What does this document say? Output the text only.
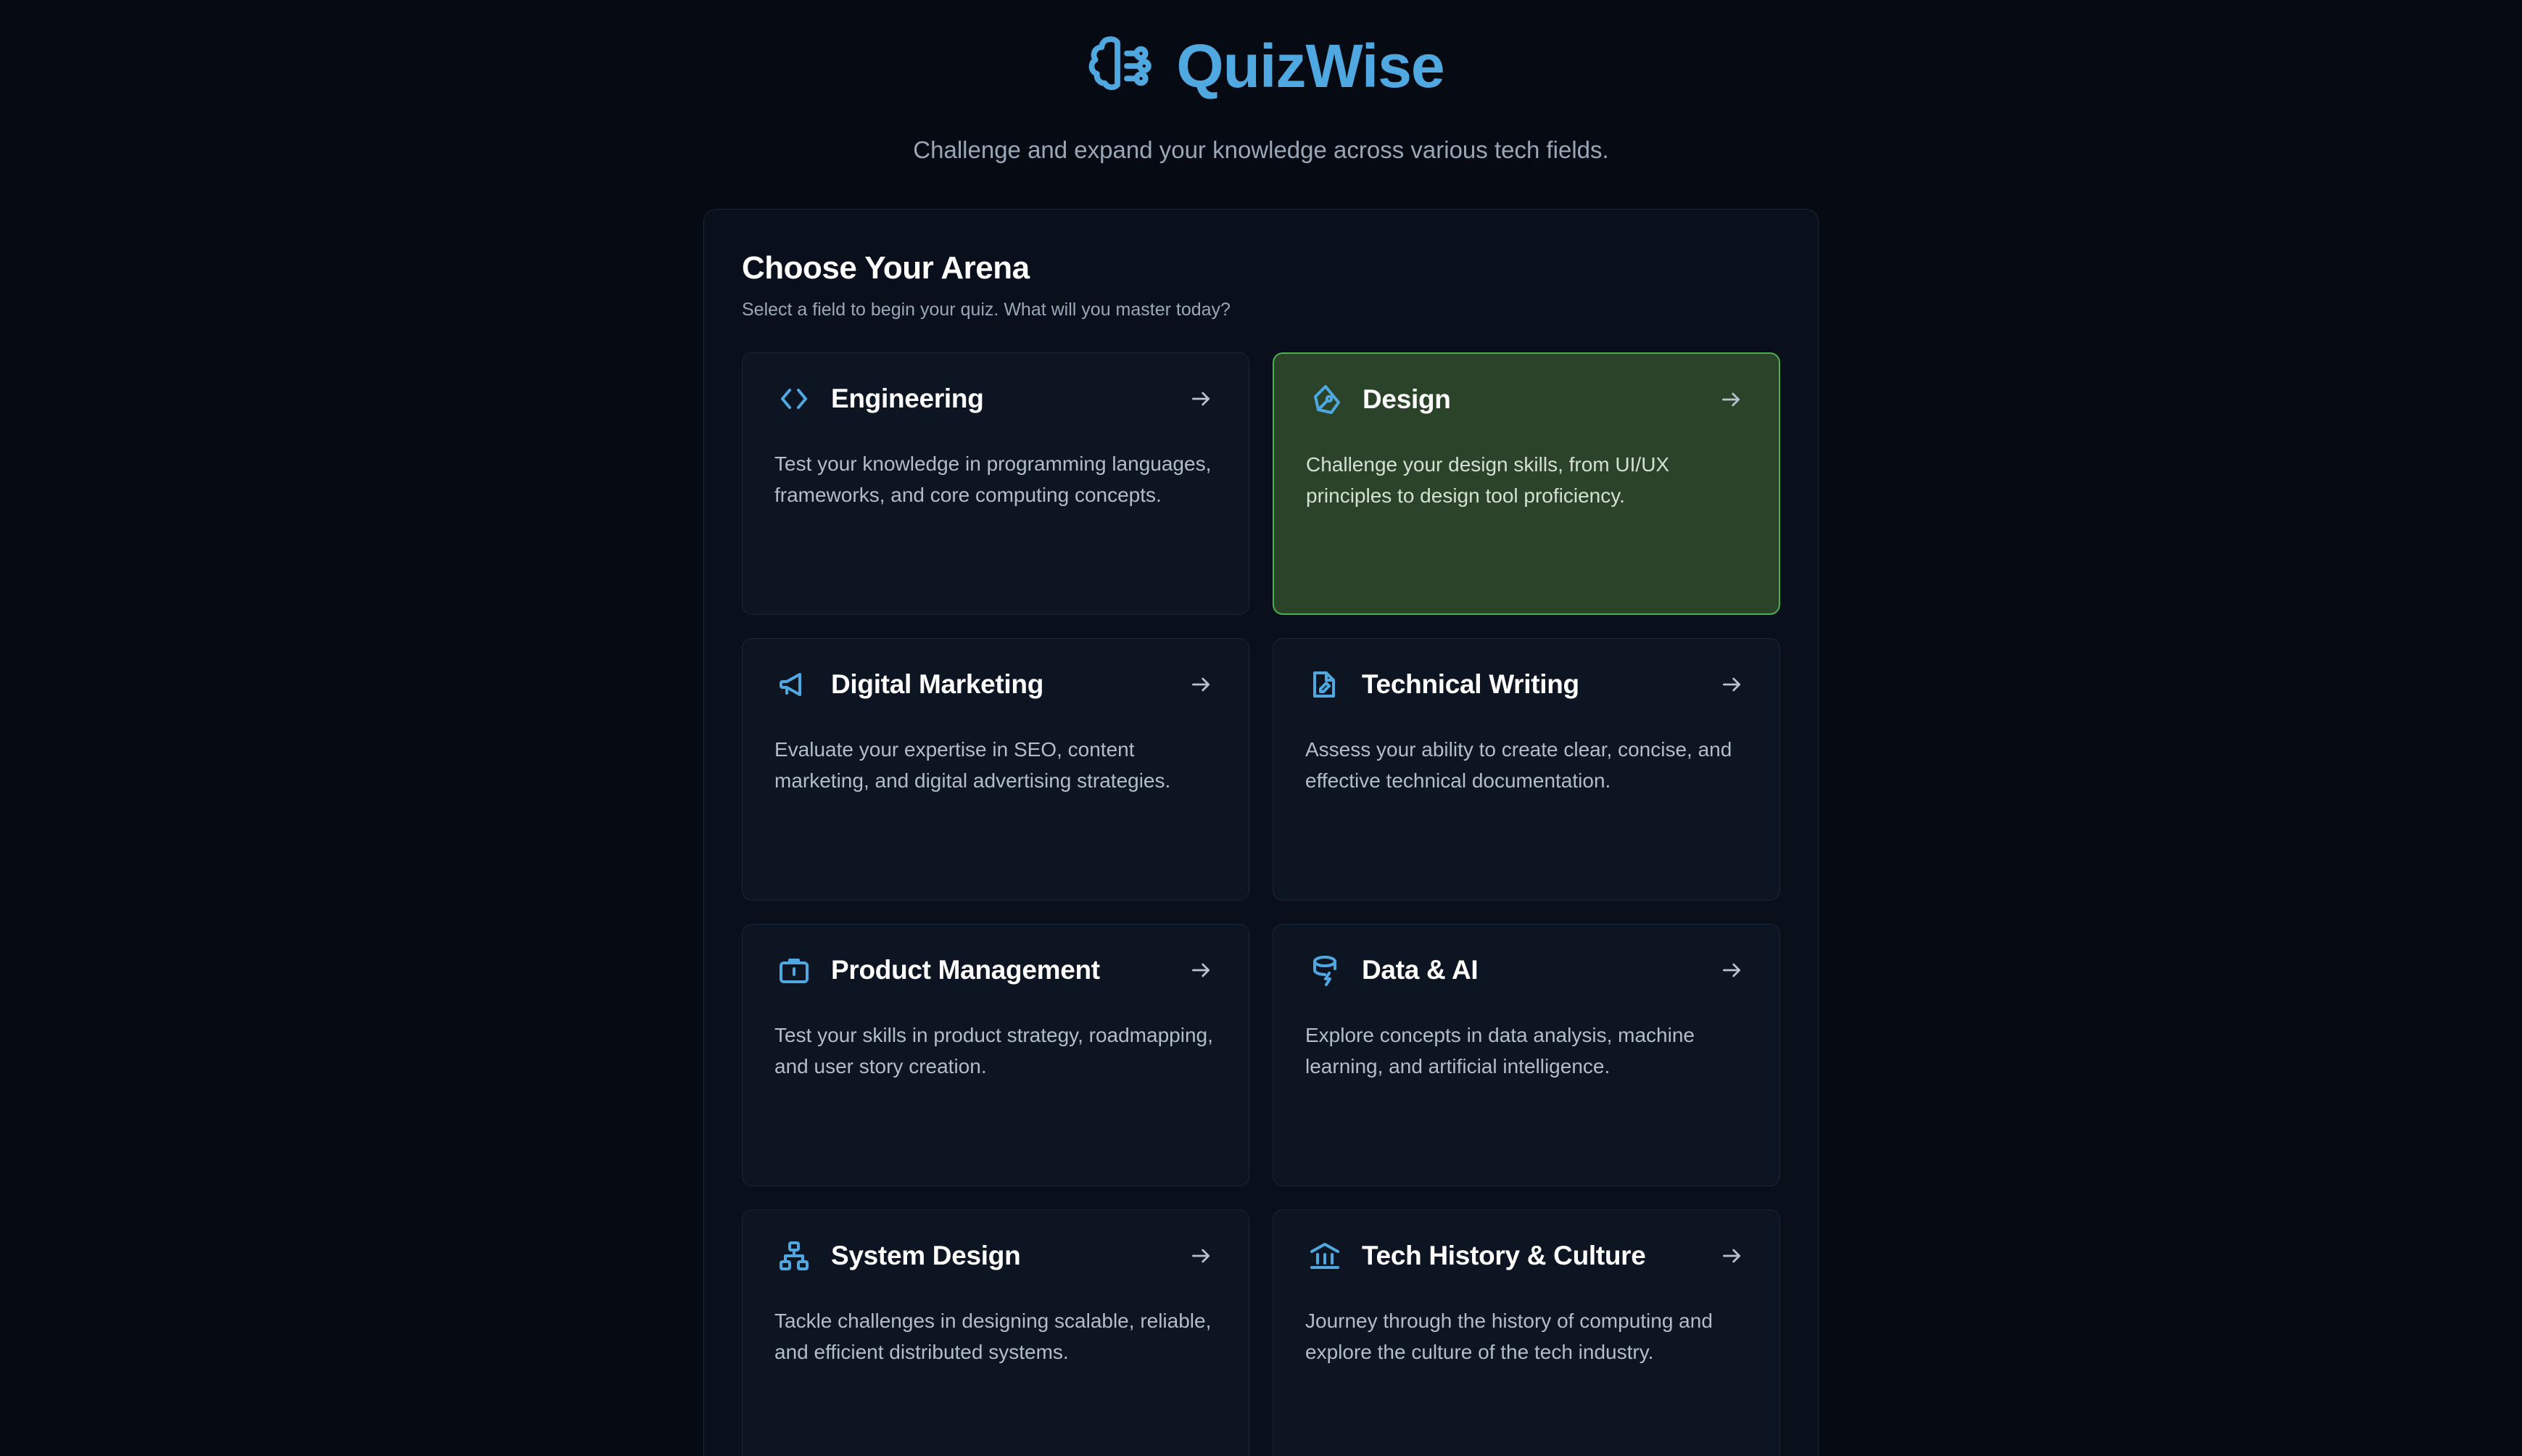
QuizWise
Challenge and expand your knowledge across various tech fields.
Choose Your Arena
Select a field to begin your quiz. What will you master today?
Engineering
Test your knowledge in programming languages, frameworks, and core computing concepts.
Design
Challenge your design skills, from UI/UX principles to design tool proficiency.
Digital Marketing
Evaluate your expertise in SEO, content marketing, and digital advertising strategies.
Technical Writing
Assess your ability to create clear, concise, and effective technical documentation.
Product Management
Test your skills in product strategy, roadmapping, and user story creation.
Data & AI
Explore concepts in data analysis, machine learning, and artificial intelligence.
System Design
Tackle challenges in designing scalable, reliable, and efficient distributed systems.
Tech History & Culture
Journey through the history of computing and explore the culture of the tech industry.
